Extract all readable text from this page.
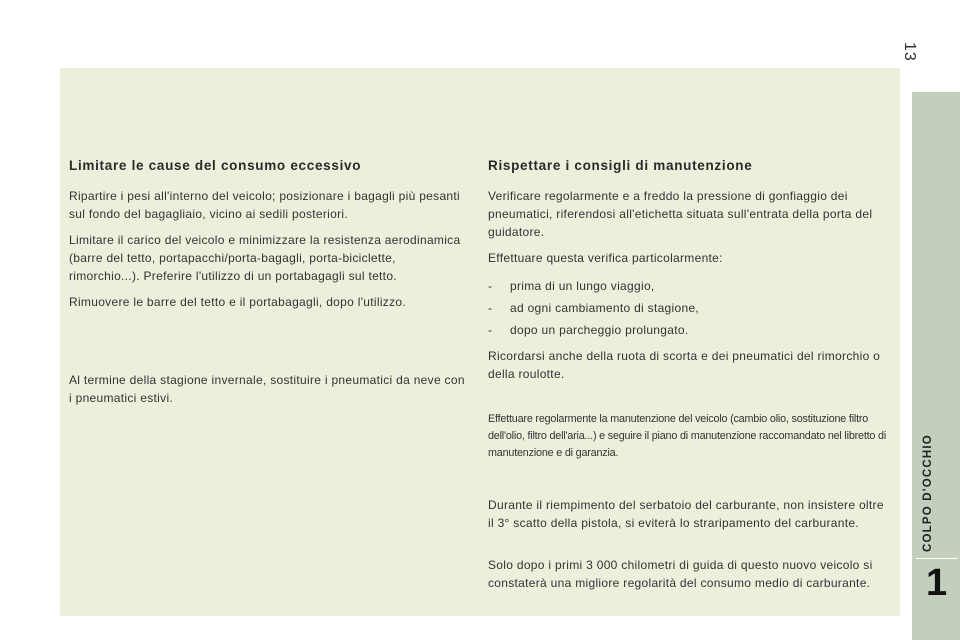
13
Limitare le cause del consumo eccessivo

Ripartire i pesi all'interno del veicolo; posizionare i bagagli più pesanti sul fondo del bagagliaio, vicino ai sedili posteriori.

Limitare il carico del veicolo e minimizzare la resistenza aerodinamica (barre del tetto, portapacchi/porta-bagagli, porta-biciclette, rimorchio...). Preferire l'utilizzo di un portabagagli sul tetto.

Rimuovere le barre del tetto e il portabagagli, dopo l'utilizzo.

Al termine della stagione invernale, sostituire i pneumatici da neve con i pneumatici estivi.

Rispettare i consigli di manutenzione

Verificare regolarmente e a freddo la pressione di gonfiaggio dei pneumatici, riferendosi all'etichetta situata sull'entrata della porta del guidatore.

Effettuare questa verifica particolarmente:

- prima di un lungo viaggio,
- ad ogni cambiamento di stagione,
- dopo un parcheggio prolungato.

Ricordarsi anche della ruota di scorta e dei pneumatici del rimorchio o della roulotte.

Effettuare regolarmente la manutenzione del veicolo (cambio olio, sostituzione filtro dell'olio, filtro dell'aria...) e seguire il piano di manutenzione raccomandato nel libretto di manutenzione e di garanzia.

Durante il riempimento del serbatoio del carburante, non insistere oltre il 3° scatto della pistola, si eviterà lo straripamento del carburante.

Solo dopo i primi 3 000 chilometri di guida di questo nuovo veicolo si constaterà una migliore regolarità del consumo medio di carburante.

COLPO D'OCCHIO
1
